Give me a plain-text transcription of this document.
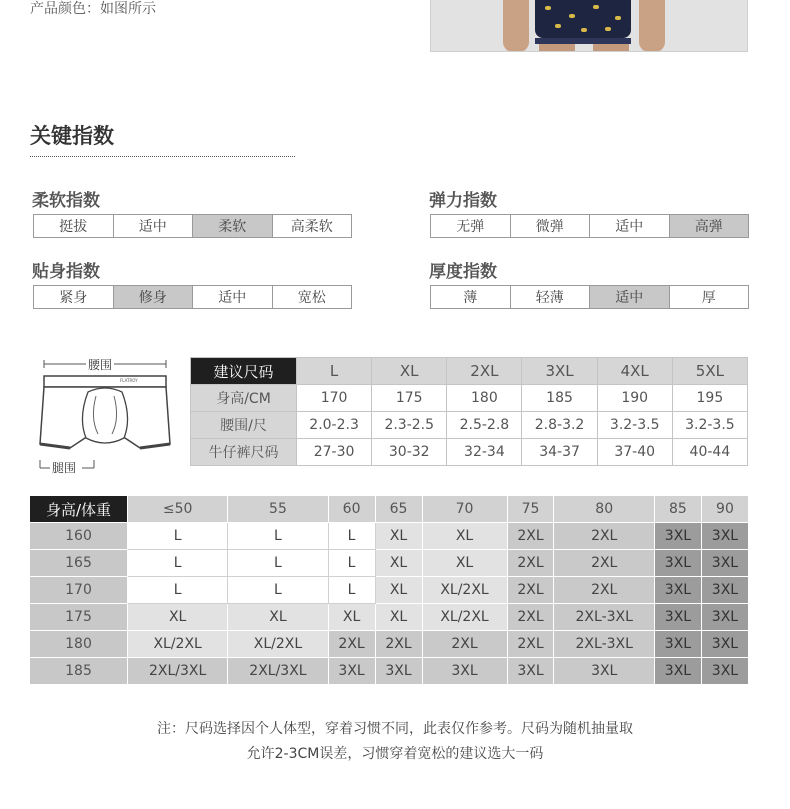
产品颜色：如图所示
关键指数
柔软指数
挺拔	适中	柔软	高柔软
弹力指数
无弹	微弹	适中	高弹
贴身指数
紧身	修身	适中	宽松
厚度指数
薄	轻薄	适中	厚
腰围
FLATROY
腿围
建议尺码	L	XL	2XL	3XL	4XL	5XL
身高/CM	170	175	180	185	190	195
腰围/尺	2.0-2.3	2.3-2.5	2.5-2.8	2.8-3.2	3.2-3.5	3.2-3.5
牛仔裤尺码	27-30	30-32	32-34	34-37	37-40	40-44
身高/体重	≤50	55	60	65	70	75	80	85	90
160	L	L	L	XL	XL	2XL	2XL	3XL	3XL
165	L	L	L	XL	XL	2XL	2XL	3XL	3XL
170	L	L	L	XL	XL/2XL	2XL	2XL	3XL	3XL
175	XL	XL	XL	XL	XL/2XL	2XL	2XL-3XL	3XL	3XL
180	XL/2XL	XL/2XL	2XL	2XL	2XL	2XL	2XL-3XL	3XL	3XL
185	2XL/3XL	2XL/3XL	3XL	3XL	3XL	3XL	3XL	3XL	3XL
注：尺码选择因个人体型，穿着习惯不同，此表仅作参考。尺码为随机抽量取
允许2-3CM误差，习惯穿着宽松的建议选大一码
